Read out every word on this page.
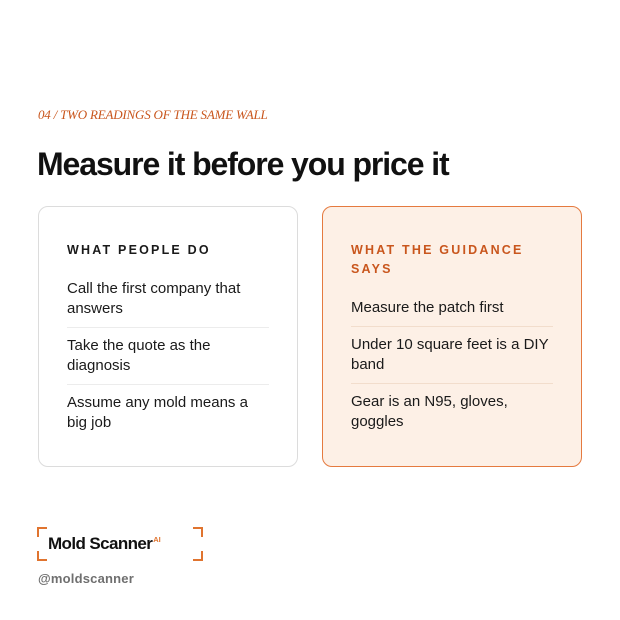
04 / TWO READINGS OF THE SAME WALL
Measure it before you price it
WHAT PEOPLE DO
Call the first company that answers
Take the quote as the diagnosis
Assume any mold means a big job
WHAT THE GUIDANCE SAYS
Measure the patch first
Under 10 square feet is a DIY band
Gear is an N95, gloves, goggles
Mold Scanner$^{AI}$
@moldscanner
